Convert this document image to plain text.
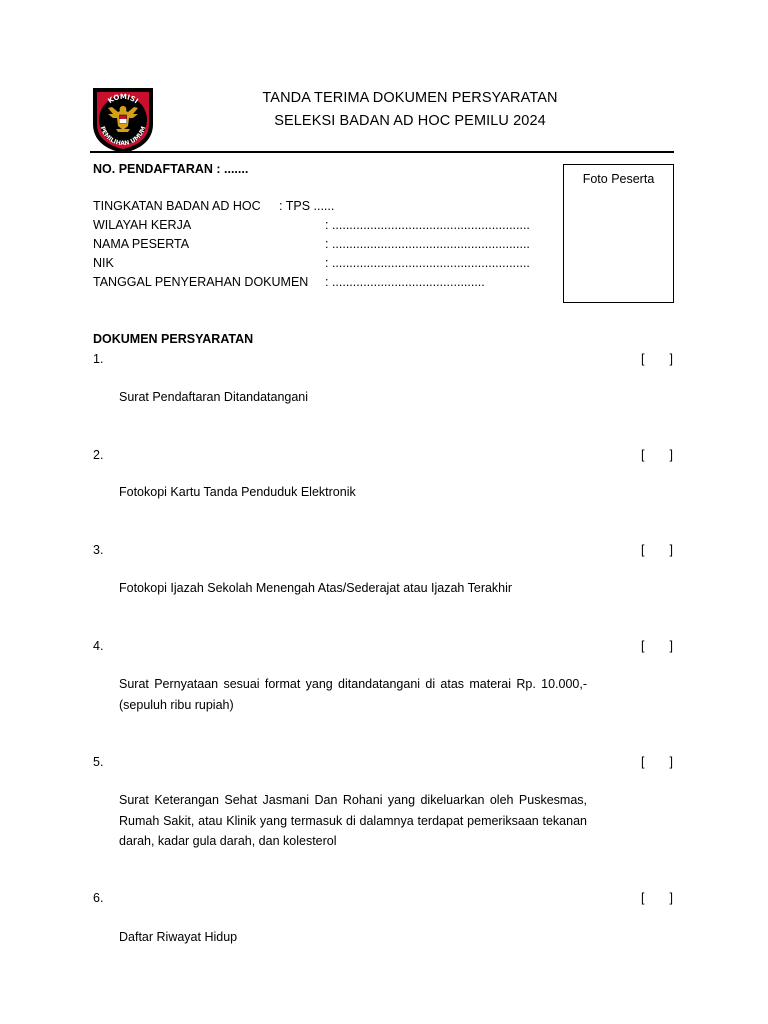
KOMISI
PEMILIHAN UMUM
TANDA TERIMA DOKUMEN PERSYARATAN
SELEKSI BADAN AD HOC PEMILU 2024
NO. PENDAFTARAN : .......
Foto Peserta
TINGKATAN BADAN AD HOC : TPS ......
WILAYAH KERJA	: .........................................................
NAMA PESERTA	: .........................................................
NIK	: .........................................................
TANGGAL PENYERAHAN DOKUMEN : ............................................
DOKUMEN PERSYARATAN
1.	[ ]
Surat Pendaftaran Ditandatangani
2.	[ ]
Fotokopi Kartu Tanda Penduduk Elektronik
3.	[ ]
Fotokopi Ijazah Sekolah Menengah Atas/Sederajat atau Ijazah Terakhir
4.	[ ]
Surat Pernyataan sesuai format yang ditandatangani di atas materai Rp. 10.000,- (sepuluh ribu rupiah)
5.	[ ]
Surat Keterangan Sehat Jasmani Dan Rohani yang dikeluarkan oleh Puskesmas, Rumah Sakit, atau Klinik yang termasuk di dalamnya terdapat pemeriksaan tekanan darah, kadar gula darah, dan kolesterol
6.	[ ]
Daftar Riwayat Hidup
